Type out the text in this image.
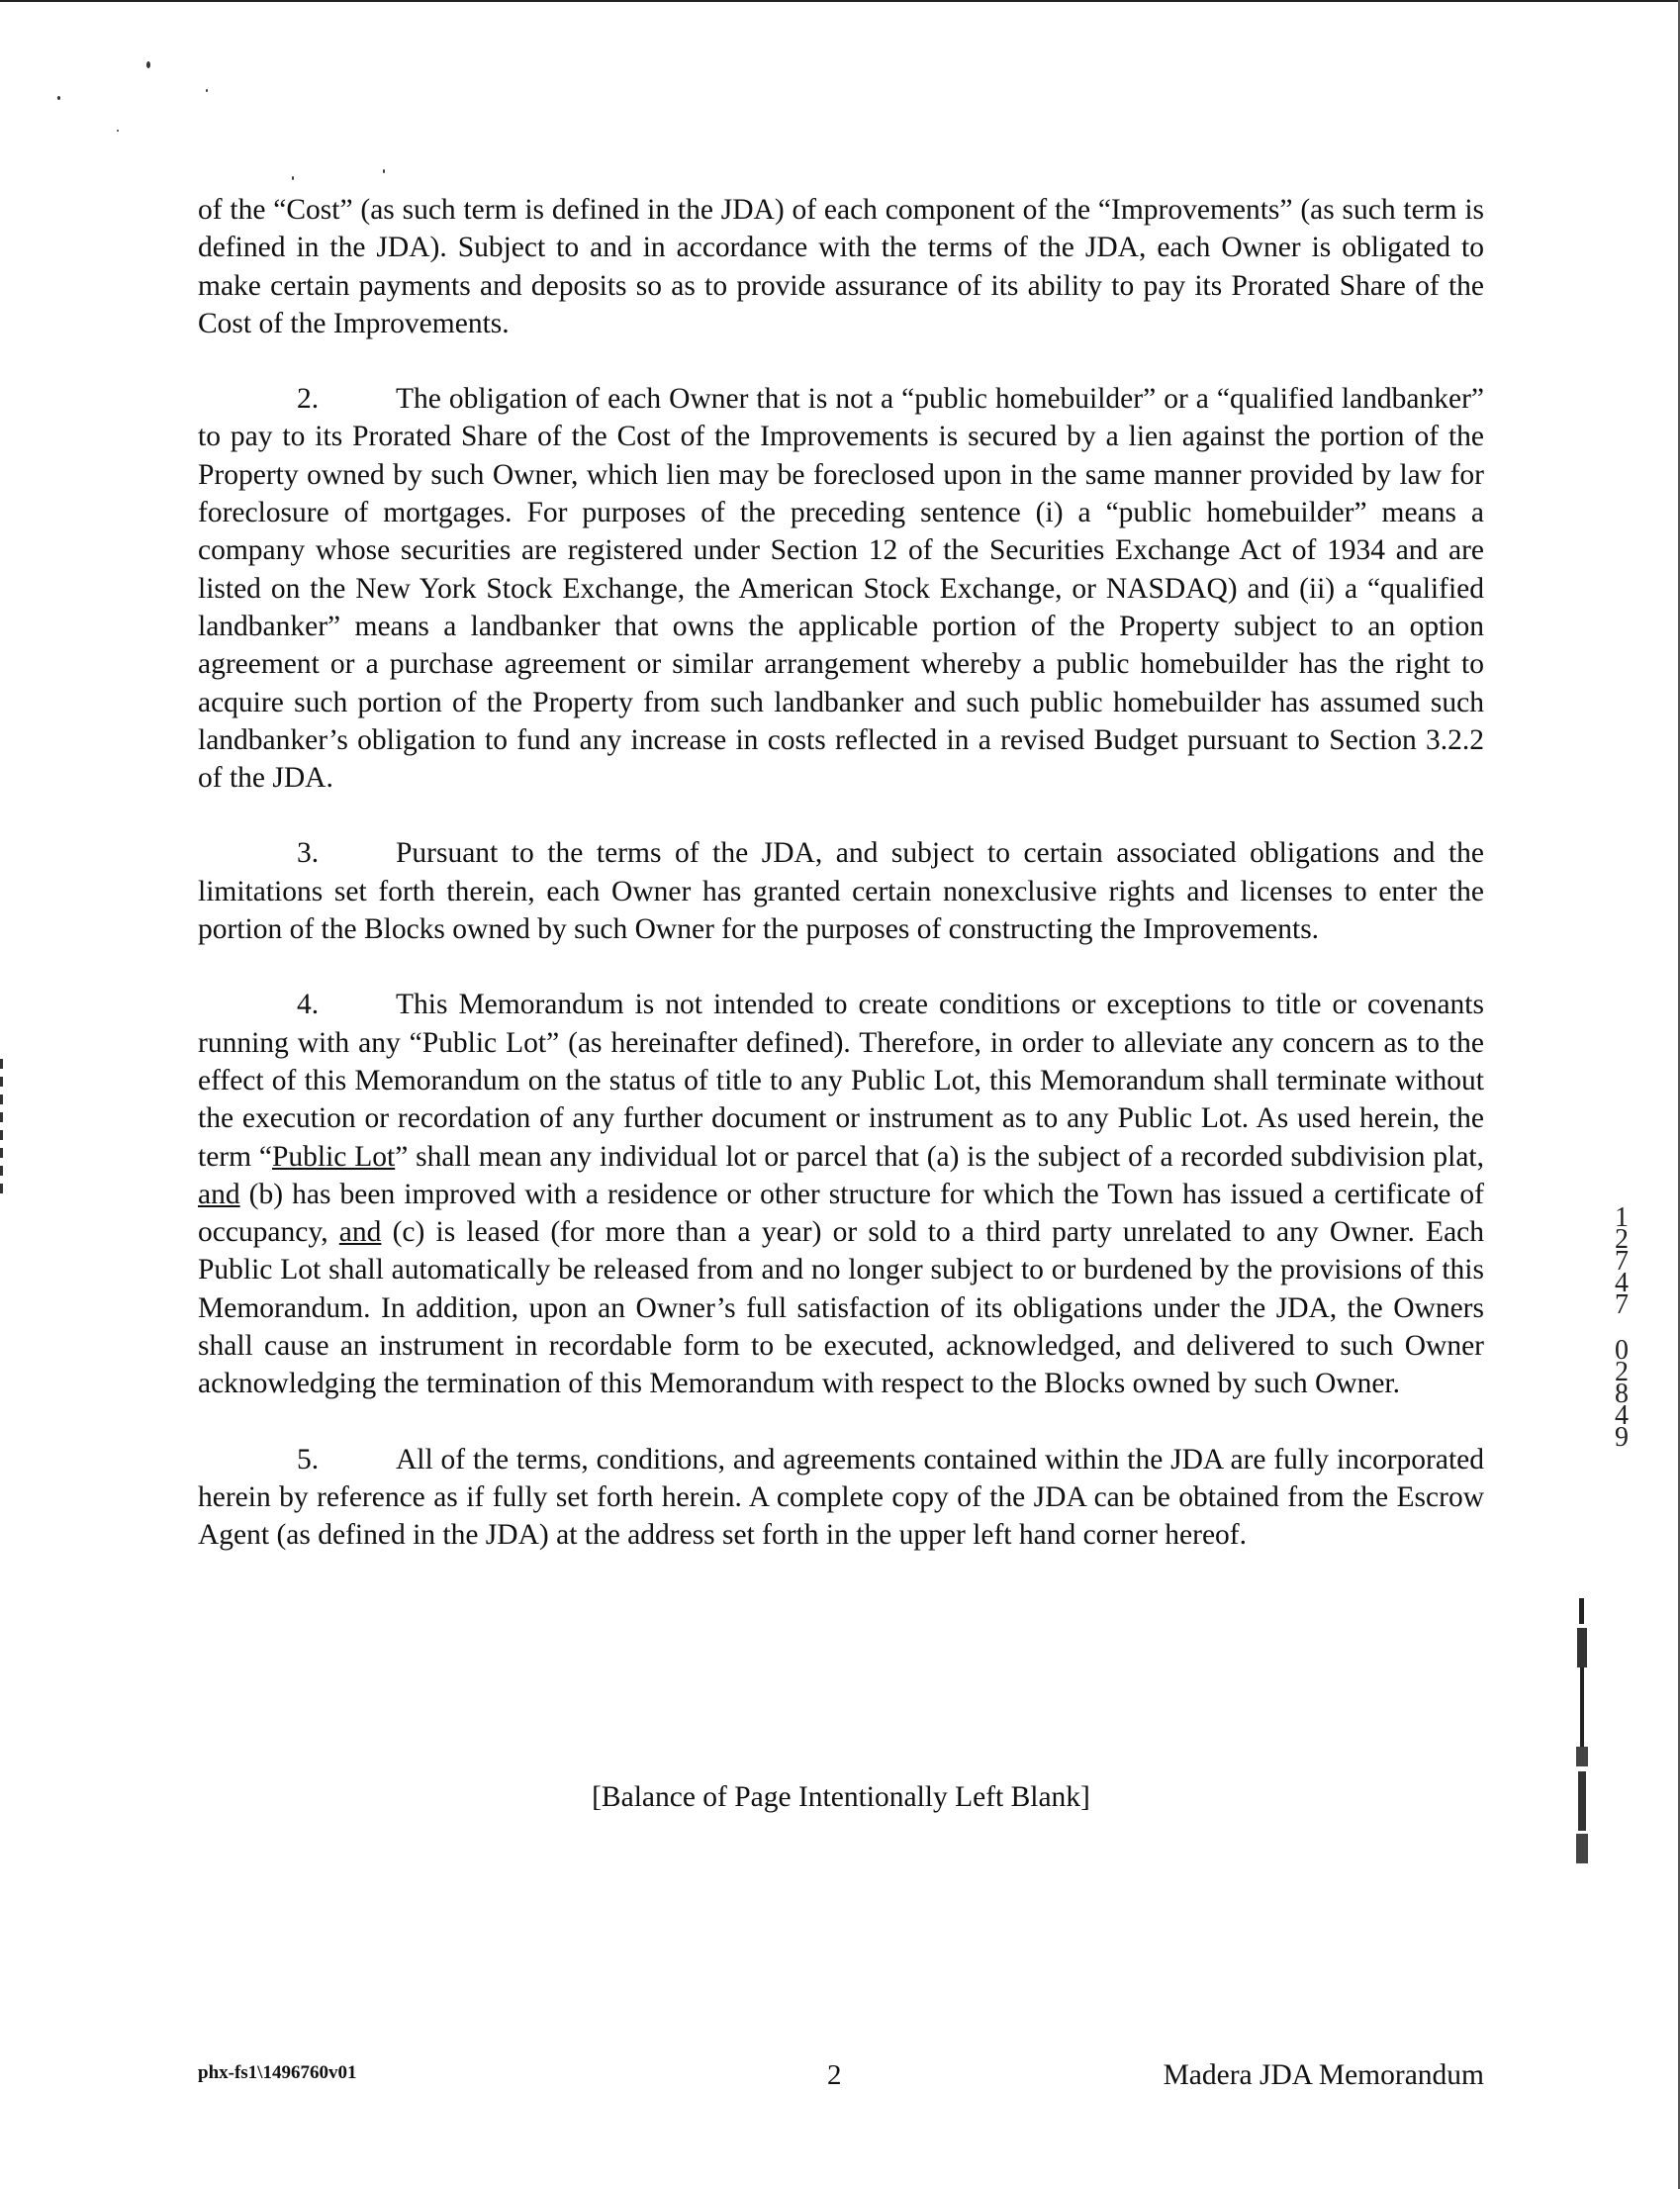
of the “Cost” (as such term is defined in the JDA) of each component of the “Improvements” (as such term is defined in the JDA). Subject to and in accordance with the terms of the JDA, each Owner is obligated to make certain payments and deposits so as to provide assurance of its ability to pay its Prorated Share of the Cost of the Improvements.

2.	The obligation of each Owner that is not a “public homebuilder” or a “qualified landbanker” to pay to its Prorated Share of the Cost of the Improvements is secured by a lien against the portion of the Property owned by such Owner, which lien may be foreclosed upon in the same manner provided by law for foreclosure of mortgages. For purposes of the preceding sentence (i) a “public homebuilder” means a company whose securities are registered under Section 12 of the Securities Exchange Act of 1934 and are listed on the New York Stock Exchange, the American Stock Exchange, or NASDAQ) and (ii) a “qualified landbanker” means a landbanker that owns the applicable portion of the Property subject to an option agreement or a purchase agreement or similar arrangement whereby a public homebuilder has the right to acquire such portion of the Property from such landbanker and such public homebuilder has assumed such landbanker’s obligation to fund any increase in costs reflected in a revised Budget pursuant to Section 3.2.2 of the JDA.

3.	Pursuant to the terms of the JDA, and subject to certain associated obligations and the limitations set forth therein, each Owner has granted certain nonexclusive rights and licenses to enter the portion of the Blocks owned by such Owner for the purposes of constructing the Improvements.

4.	This Memorandum is not intended to create conditions or exceptions to title or covenants running with any “Public Lot” (as hereinafter defined). Therefore, in order to alleviate any concern as to the effect of this Memorandum on the status of title to any Public Lot, this Memorandum shall terminate without the execution or recordation of any further document or instrument as to any Public Lot. As used herein, the term “Public Lot” shall mean any individual lot or parcel that (a) is the subject of a recorded subdivision plat, and (b) has been improved with a residence or other structure for which the Town has issued a certificate of occupancy, and (c) is leased (for more than a year) or sold to a third party unrelated to any Owner. Each Public Lot shall automatically be released from and no longer subject to or burdened by the provisions of this Memorandum. In addition, upon an Owner’s full satisfaction of its obligations under the JDA, the Owners shall cause an instrument in recordable form to be executed, acknowledged, and delivered to such Owner acknowledging the termination of this Memorandum with respect to the Blocks owned by such Owner.

5.	All of the terms, conditions, and agreements contained within the JDA are fully incorporated herein by reference as if fully set forth herein. A complete copy of the JDA can be obtained from the Escrow Agent (as defined in the JDA) at the address set forth in the upper left hand corner hereof.

[Balance of Page Intentionally Left Blank]
1
2
7
4
7
0
2
8
4
9
phx-fs1\1496760v01	2	Madera JDA Memorandum
